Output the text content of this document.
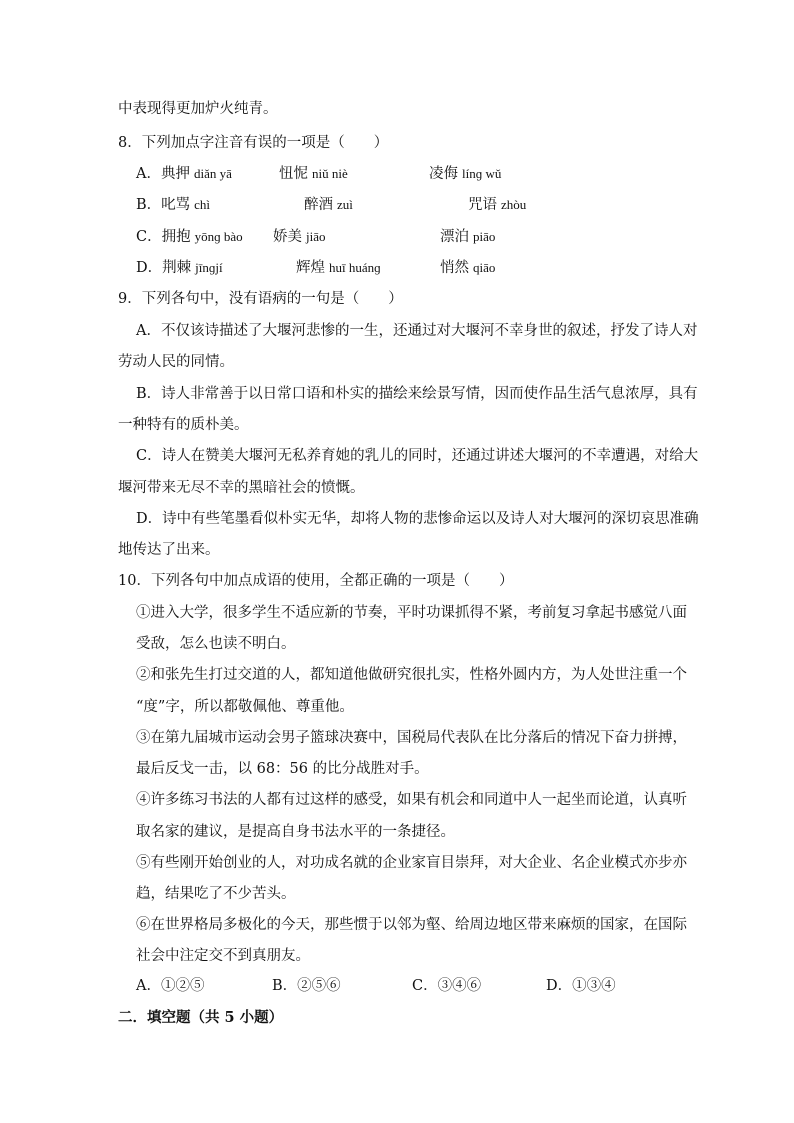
中表现得更加炉火纯青。
8．下列加点字注音有误的一项是（　　）
A．典押 diǎn yā	忸怩 niǔ niè	凌侮 línɡ wǔ
B．叱骂 chì	醉酒 zuì	咒语 zhòu
C．拥抱 yōnɡ bào 娇美 jiāo	漂泊 piāo
D．荆棘 jīnɡjí	辉煌 huī huánɡ	悄然 qiāo
9．下列各句中，没有语病的一句是（　　）
A．不仅该诗描述了大堰河悲惨的一生，还通过对大堰河不幸身世的叙述，抒发了诗人对
劳动人民的同情。
B．诗人非常善于以日常口语和朴实的描绘来绘景写情，因而使作品生活气息浓厚，具有
一种特有的质朴美。
C．诗人在赞美大堰河无私养育她的乳儿的同时，还通过讲述大堰河的不幸遭遇，对给大
堰河带来无尽不幸的黑暗社会的愤慨。
D．诗中有些笔墨看似朴实无华，却将人物的悲惨命运以及诗人对大堰河的深切哀思准确
地传达了出来。
10．下列各句中加点成语的使用，全都正确的一项是（　　）
①进入大学，很多学生不适应新的节奏，平时功课抓得不紧，考前复习拿起书感觉八面
受敌，怎么也读不明白。
②和张先生打过交道的人，都知道他做研究很扎实，性格外圆内方，为人处世注重一个
“度”字，所以都敬佩他、尊重他。
③在第九届城市运动会男子篮球决赛中，国税局代表队在比分落后的情况下奋力拼搏，
最后反戈一击，以 68：56 的比分战胜对手。
④许多练习书法的人都有过这样的感受，如果有机会和同道中人一起坐而论道，认真听
取名家的建议，是提高自身书法水平的一条捷径。
⑤有些刚开始创业的人，对功成名就的企业家盲目崇拜，对大企业、名企业模式亦步亦
趋，结果吃了不少苦头。
⑥在世界格局多极化的今天，那些惯于以邻为壑、给周边地区带来麻烦的国家，在国际
社会中注定交不到真朋友。
A．①②⑤	B．②⑤⑥	C．③④⑥	D．①③④
二．填空题（共 5 小题）
